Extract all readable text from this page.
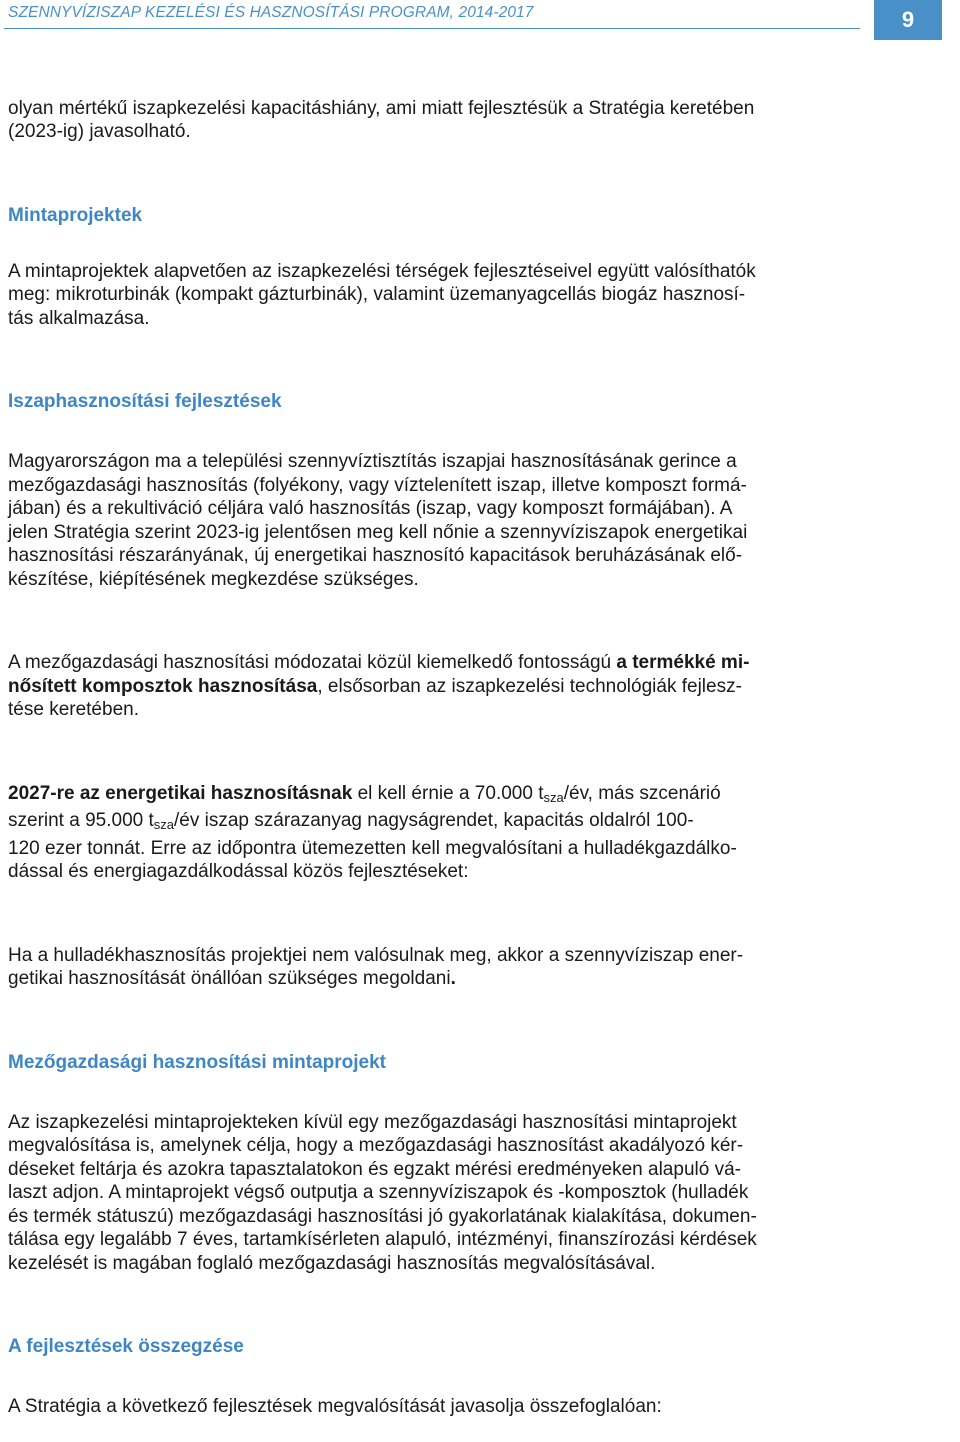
SZENNYVÍZISZAP KEZELÉSI ÉS HASZNOSÍTÁSI PROGRAM, 2014-2017	9

olyan mértékű iszapkezelési kapacitáshiány, ami miatt fejlesztésük a Stratégia keretében
(2023-ig) javasolható.

Mintaprojektek

A mintaprojektek alapvetően az iszapkezelési térségek fejlesztéseivel együtt valósíthatók
meg: mikroturbinák (kompakt gázturbinák), valamint üzemanyagcellás biogáz hasznosí-
tás alkalmazása.

Iszaphasznosítási fejlesztések

Magyarországon ma a települési szennyvíztisztítás iszapjai hasznosításának gerince a
mezőgazdasági hasznosítás (folyékony, vagy víztelenített iszap, illetve komposzt formá-
jában) és a rekultiváció céljára való hasznosítás (iszap, vagy komposzt formájában). A
jelen Stratégia szerint 2023-ig jelentősen meg kell nőnie a szennyvíziszapok energetikai
hasznosítási részarányának, új energetikai hasznosító kapacitások beruházásának elő-
készítése, kiépítésének megkezdése szükséges.

A mezőgazdasági hasznosítási módozatai közül kiemelkedő fontosságú a termékké mi-
nősített komposztok hasznosítása, elsősorban az iszapkezelési technológiák fejlesz-
tése keretében.

2027-re az energetikai hasznosításnak el kell érnie a 70.000 $t_{sza}/év$, más szcenárió
szerint a 95.000 $t_{sza}/év$ iszap szárazanyag nagyságrendet, kapacitás oldalról 100-
120 ezer tonnát. Erre az időpontra ütemezetten kell megvalósítani a hulladékgazdálko-
dással és energiagazdálkodással közös fejlesztéseket:

Ha a hulladékhasznosítás projektjei nem valósulnak meg, akkor a szennyvíziszap ener-
getikai hasznosítását önállóan szükséges megoldani.

Mezőgazdasági hasznosítási mintaprojekt

Az iszapkezelési mintaprojekteken kívül egy mezőgazdasági hasznosítási mintaprojekt
megvalósítása is, amelynek célja, hogy a mezőgazdasági hasznosítást akadályozó kér-
déseket feltárja és azokra tapasztalatokon és egzakt mérési eredményeken alapuló vá-
laszt adjon. A mintaprojekt végső outputja a szennyvíziszapok és -komposztok (hulladék
és termék státuszú) mezőgazdasági hasznosítási jó gyakorlatának kialakítása, dokumen-
tálása egy legalább 7 éves, tartamkísérleten alapuló, intézményi, finanszírozási kérdések
kezelését is magában foglaló mezőgazdasági hasznosítás megvalósításával.

A fejlesztések összegzése

A Stratégia a következő fejlesztések megvalósítását javasolja összefoglalóan:
